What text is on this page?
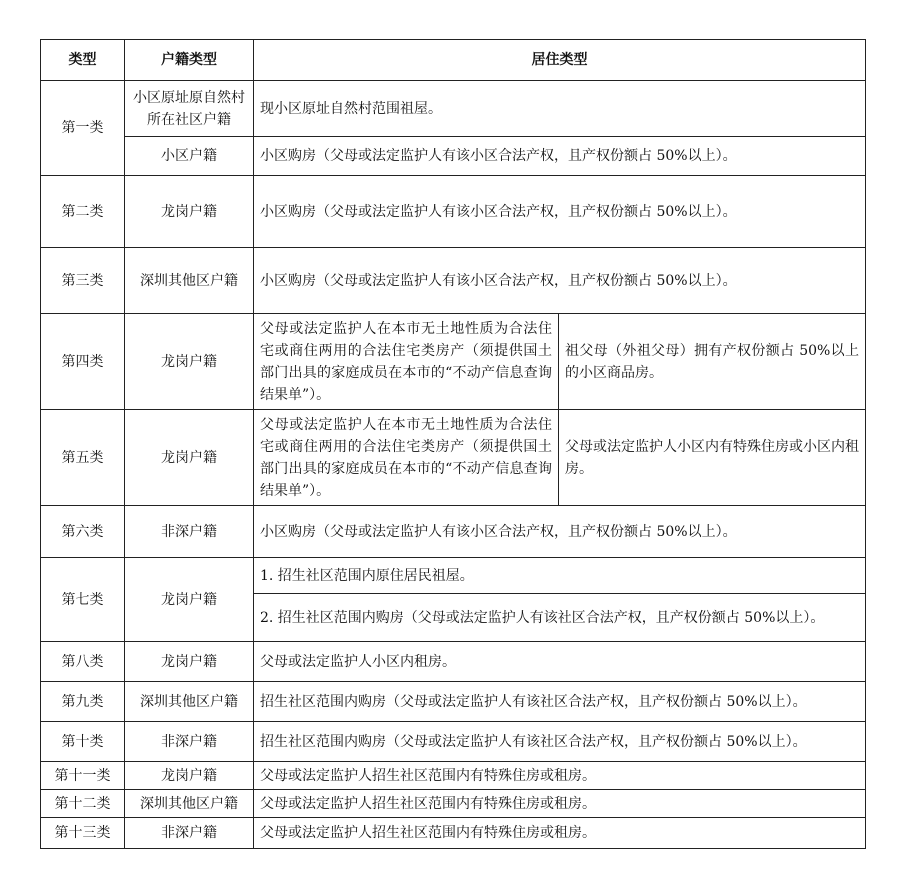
类型	户籍类型	居住类型	
第一类	小区原址原自然村所在社区户籍	现小区原址自然村范围祖屋。	
	小区户籍	小区购房（父母或法定监护人有该小区合法产权，且产权份额占 50%以上）。	
第二类	龙岗户籍	小区购房（父母或法定监护人有该小区合法产权，且产权份额占 50%以上）。	
第三类	深圳其他区户籍	小区购房（父母或法定监护人有该小区合法产权，且产权份额占 50%以上）。	
第四类	龙岗户籍	父母或法定监护人在本市无土地性质为合法住宅或商住两用的合法住宅类房产（须提供国土部门出具的家庭成员在本市的“不动产信息查询结果单”）。	祖父母（外祖父母）拥有产权份额占 50%以上的小区商品房。
第五类	龙岗户籍	父母或法定监护人在本市无土地性质为合法住宅或商住两用的合法住宅类房产（须提供国土部门出具的家庭成员在本市的“不动产信息查询结果单”）。	父母或法定监护人小区内有特殊住房或小区内租房。
第六类	非深户籍	小区购房（父母或法定监护人有该小区合法产权，且产权份额占 50%以上）。	
第七类	龙岗户籍	1. 招生社区范围内原住居民祖屋。	
		2. 招生社区范围内购房（父母或法定监护人有该社区合法产权，且产权份额占 50%以上）。	
第八类	龙岗户籍	父母或法定监护人小区内租房。	
第九类	深圳其他区户籍	招生社区范围内购房（父母或法定监护人有该社区合法产权，且产权份额占 50%以上）。	
第十类	非深户籍	招生社区范围内购房（父母或法定监护人有该社区合法产权，且产权份额占 50%以上）。	
第十一类	龙岗户籍	父母或法定监护人招生社区范围内有特殊住房或租房。	
第十二类	深圳其他区户籍	父母或法定监护人招生社区范围内有特殊住房或租房。	
第十三类	非深户籍	父母或法定监护人招生社区范围内有特殊住房或租房。	
